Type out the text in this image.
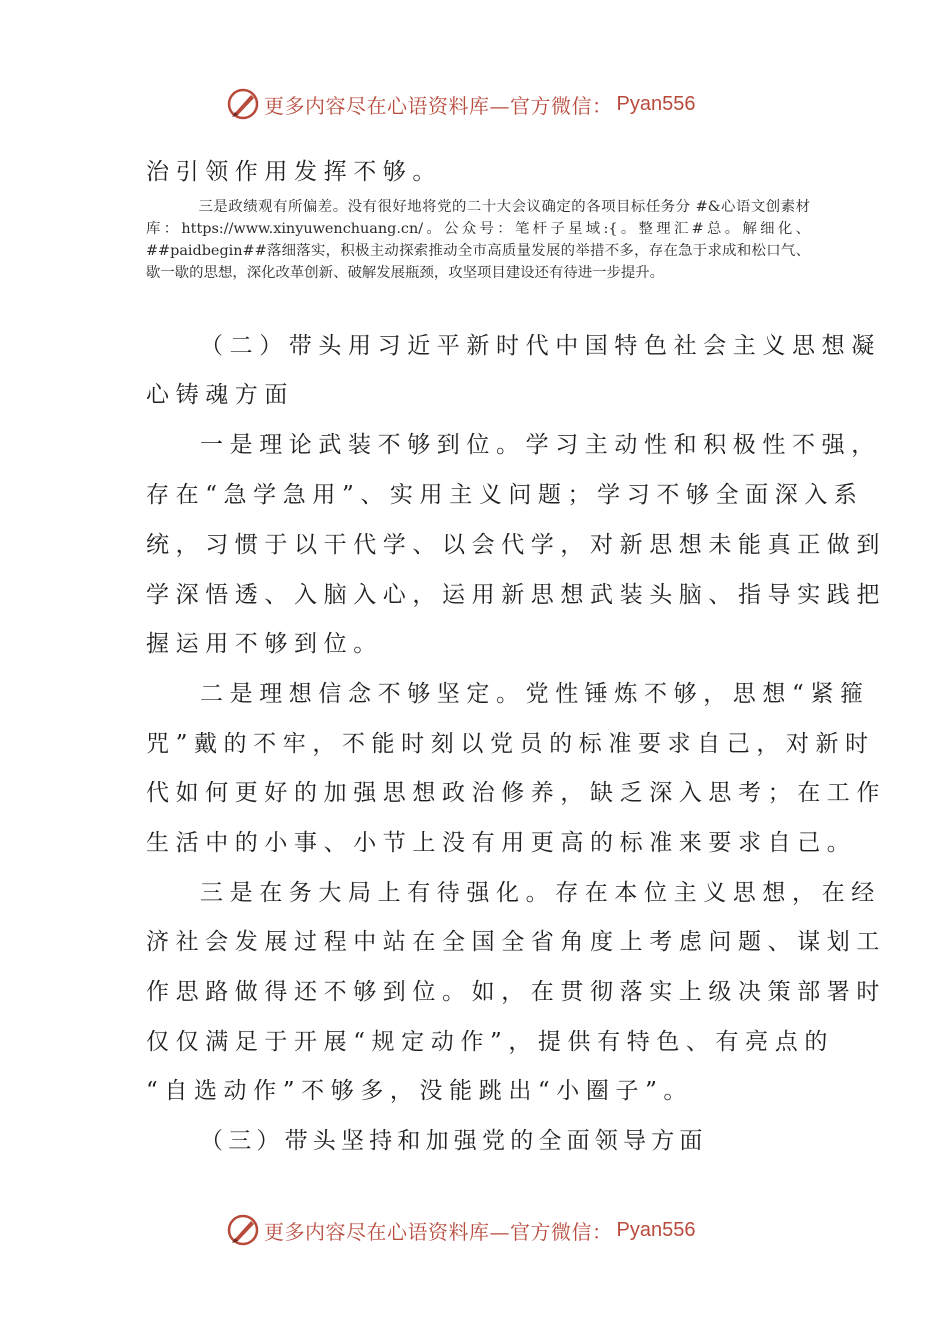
更多内容尽在心语资料库—官方微信： Pyan556
治引领作用发挥不够。
三是政绩观有所偏差。没有很好地将党的二十大会议确定的各项目标任务分 #&心语文创素材库：https://www.xinyuwenchuang.cn/。公众号：笔杆子星域:{。整理汇#总。解细化、##paidbegin##落细落实，积极主动探索推动全市高质量发展的举措不多，存在急于求成和松口气、歇一歇的思想，深化改革创新、破解发展瓶颈，攻坚项目建设还有待进一步提升。
（二）带头用习近平新时代中国特色社会主义思想凝
心铸魂方面
一是理论武装不够到位。学习主动性和积极性不强，
存在“急学急用”、实用主义问题；学习不够全面深入系
统，习惯于以干代学、以会代学，对新思想未能真正做到
学深悟透、入脑入心，运用新思想武装头脑、指导实践把
握运用不够到位。
二是理想信念不够坚定。党性锤炼不够，思想“紧箍
咒”戴的不牢，不能时刻以党员的标准要求自己，对新时
代如何更好的加强思想政治修养，缺乏深入思考；在工作
生活中的小事、小节上没有用更高的标准来要求自己。
三是在务大局上有待强化。存在本位主义思想，在经
济社会发展过程中站在全国全省角度上考虑问题、谋划工
作思路做得还不够到位。如，在贯彻落实上级决策部署时
仅仅满足于开展“规定动作”，提供有特色、有亮点的
“自选动作”不够多，没能跳出“小圈子”。
（三）带头坚持和加强党的全面领导方面
更多内容尽在心语资料库—官方微信： Pyan556
